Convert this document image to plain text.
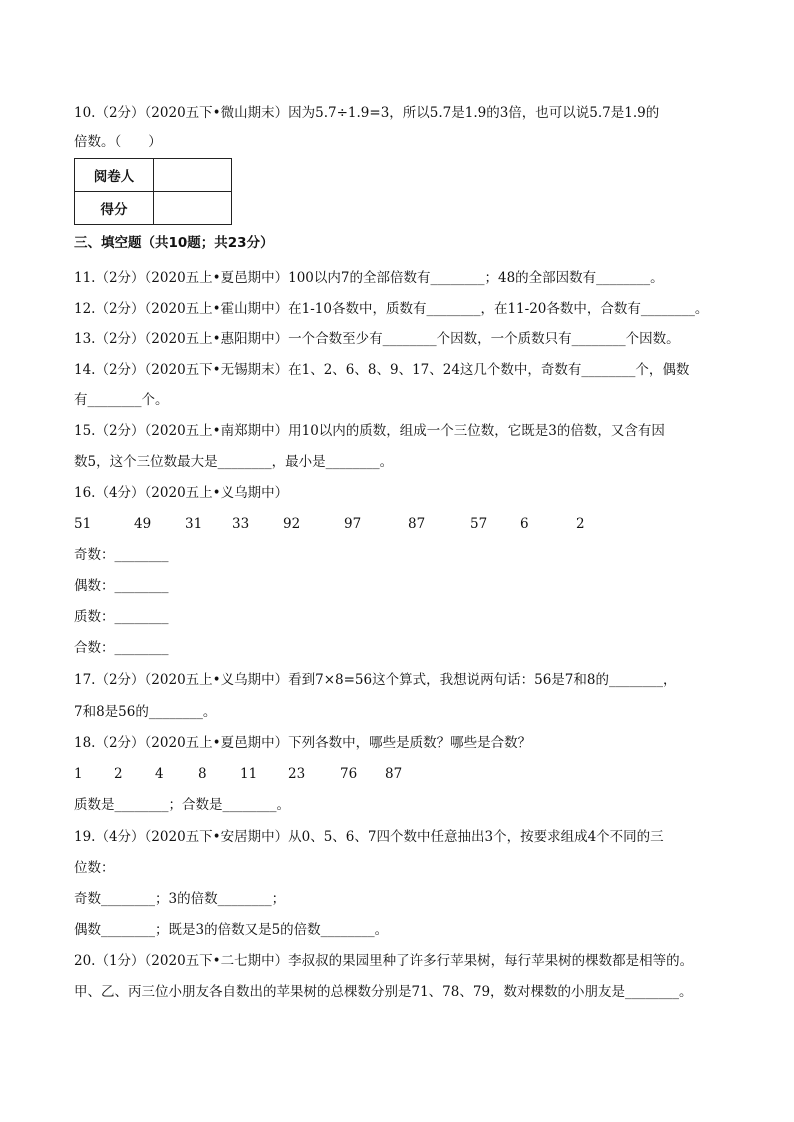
10.（2分）（2020五下•微山期末）因为5.7÷1.9=3，所以5.7是1.9的3倍，也可以说5.7是1.9的
倍数。（　　）
阅卷人	
得分	
三、填空题（共10题；共23分）
11.（2分）（2020五上•夏邑期中）100以内7的全部倍数有________；48的全部因数有________。
12.（2分）（2020五上•霍山期中）在1-10各数中，质数有________，在11-20各数中，合数有________。
13.（2分）（2020五上•惠阳期中）一个合数至少有________个因数，一个质数只有________个因数。
14.（2分）（2020五下•无锡期末）在1、2、6、8、9、17、24这几个数中，奇数有________个，偶数
有________个。
15.（2分）（2020五上•南郑期中）用10以内的质数，组成一个三位数，它既是3的倍数，又含有因
数5，这个三位数最大是________，最小是________。
16.（4分）（2020五上•义乌期中）
51	49	31 33	92	97	87	57 6	2
奇数：________
偶数：________
质数：________
合数：________
17.（2分）（2020五上•义乌期中）看到7×8=56这个算式，我想说两句话：56是7和8的________，
7和8是56的________。
18.（2分）（2020五上•夏邑期中）下列各数中，哪些是质数？哪些是合数？
1 2 4	8 11 23	76 87
质数是________；合数是________。
19.（4分）（2020五下•安居期中）从0、5、6、7四个数中任意抽出3个，按要求组成4个不同的三
位数：
奇数________；3的倍数________；
偶数________；既是3的倍数又是5的倍数________。
20.（1分）（2020五下•二七期中）李叔叔的果园里种了许多行苹果树，每行苹果树的棵数都是相等的。
甲、乙、丙三位小朋友各自数出的苹果树的总棵数分别是71、78、79，数对棵数的小朋友是________。
